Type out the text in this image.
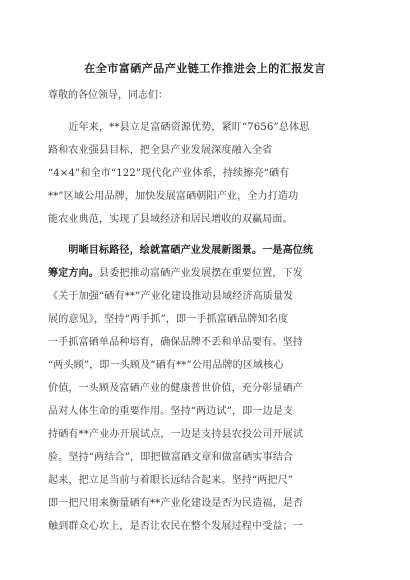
在全市富硒产品产业链工作推进会上的汇报发言
尊敬的各位领导，同志们：

　　近年来，**县立足富硒资源优势，紧盯“7656”总体思

路和农业强县目标，把全县产业发展深度融入全省

“4×4”和全市“122”现代化产业体系，持续擦亮“硒有

**”区域公用品牌，加快发展富硒朝阳产业，全力打造功

能农业典范，实现了县域经济和居民增收的双赢局面。

　　明晰目标路径，绘就富硒产业发展新图景。一是高位统

筹定方向。县委把推动富硒产业发展摆在重要位置，下发

《关于加强“硒有**”产业化建设推动县域经济高质量发

展的意见》，坚持“两手抓”，即一手抓富硒品牌知名度

一手抓富硒单品种培育，确保品牌不丢和单品要有。坚持

“两头顾”，即一头顾及“硒有**”公用品牌的区域核心

价值，一头顾及富硒产业的健康普世价值，充分彰显硒产

品对人体生命的重要作用。坚持“两边试”，即一边是支

持硒有**产业办开展试点，一边是支持县农投公司开展试

验。坚持“两结合”，即把做富硒文章和做富硒实事结合

起来，把立足当前与着眼长远结合起来。坚持“两把尺”

即一把尺用来衡量硒有**产业化建设是否为民造福，是否

触到群众心坎上，是否让农民在整个发展过程中受益；一
